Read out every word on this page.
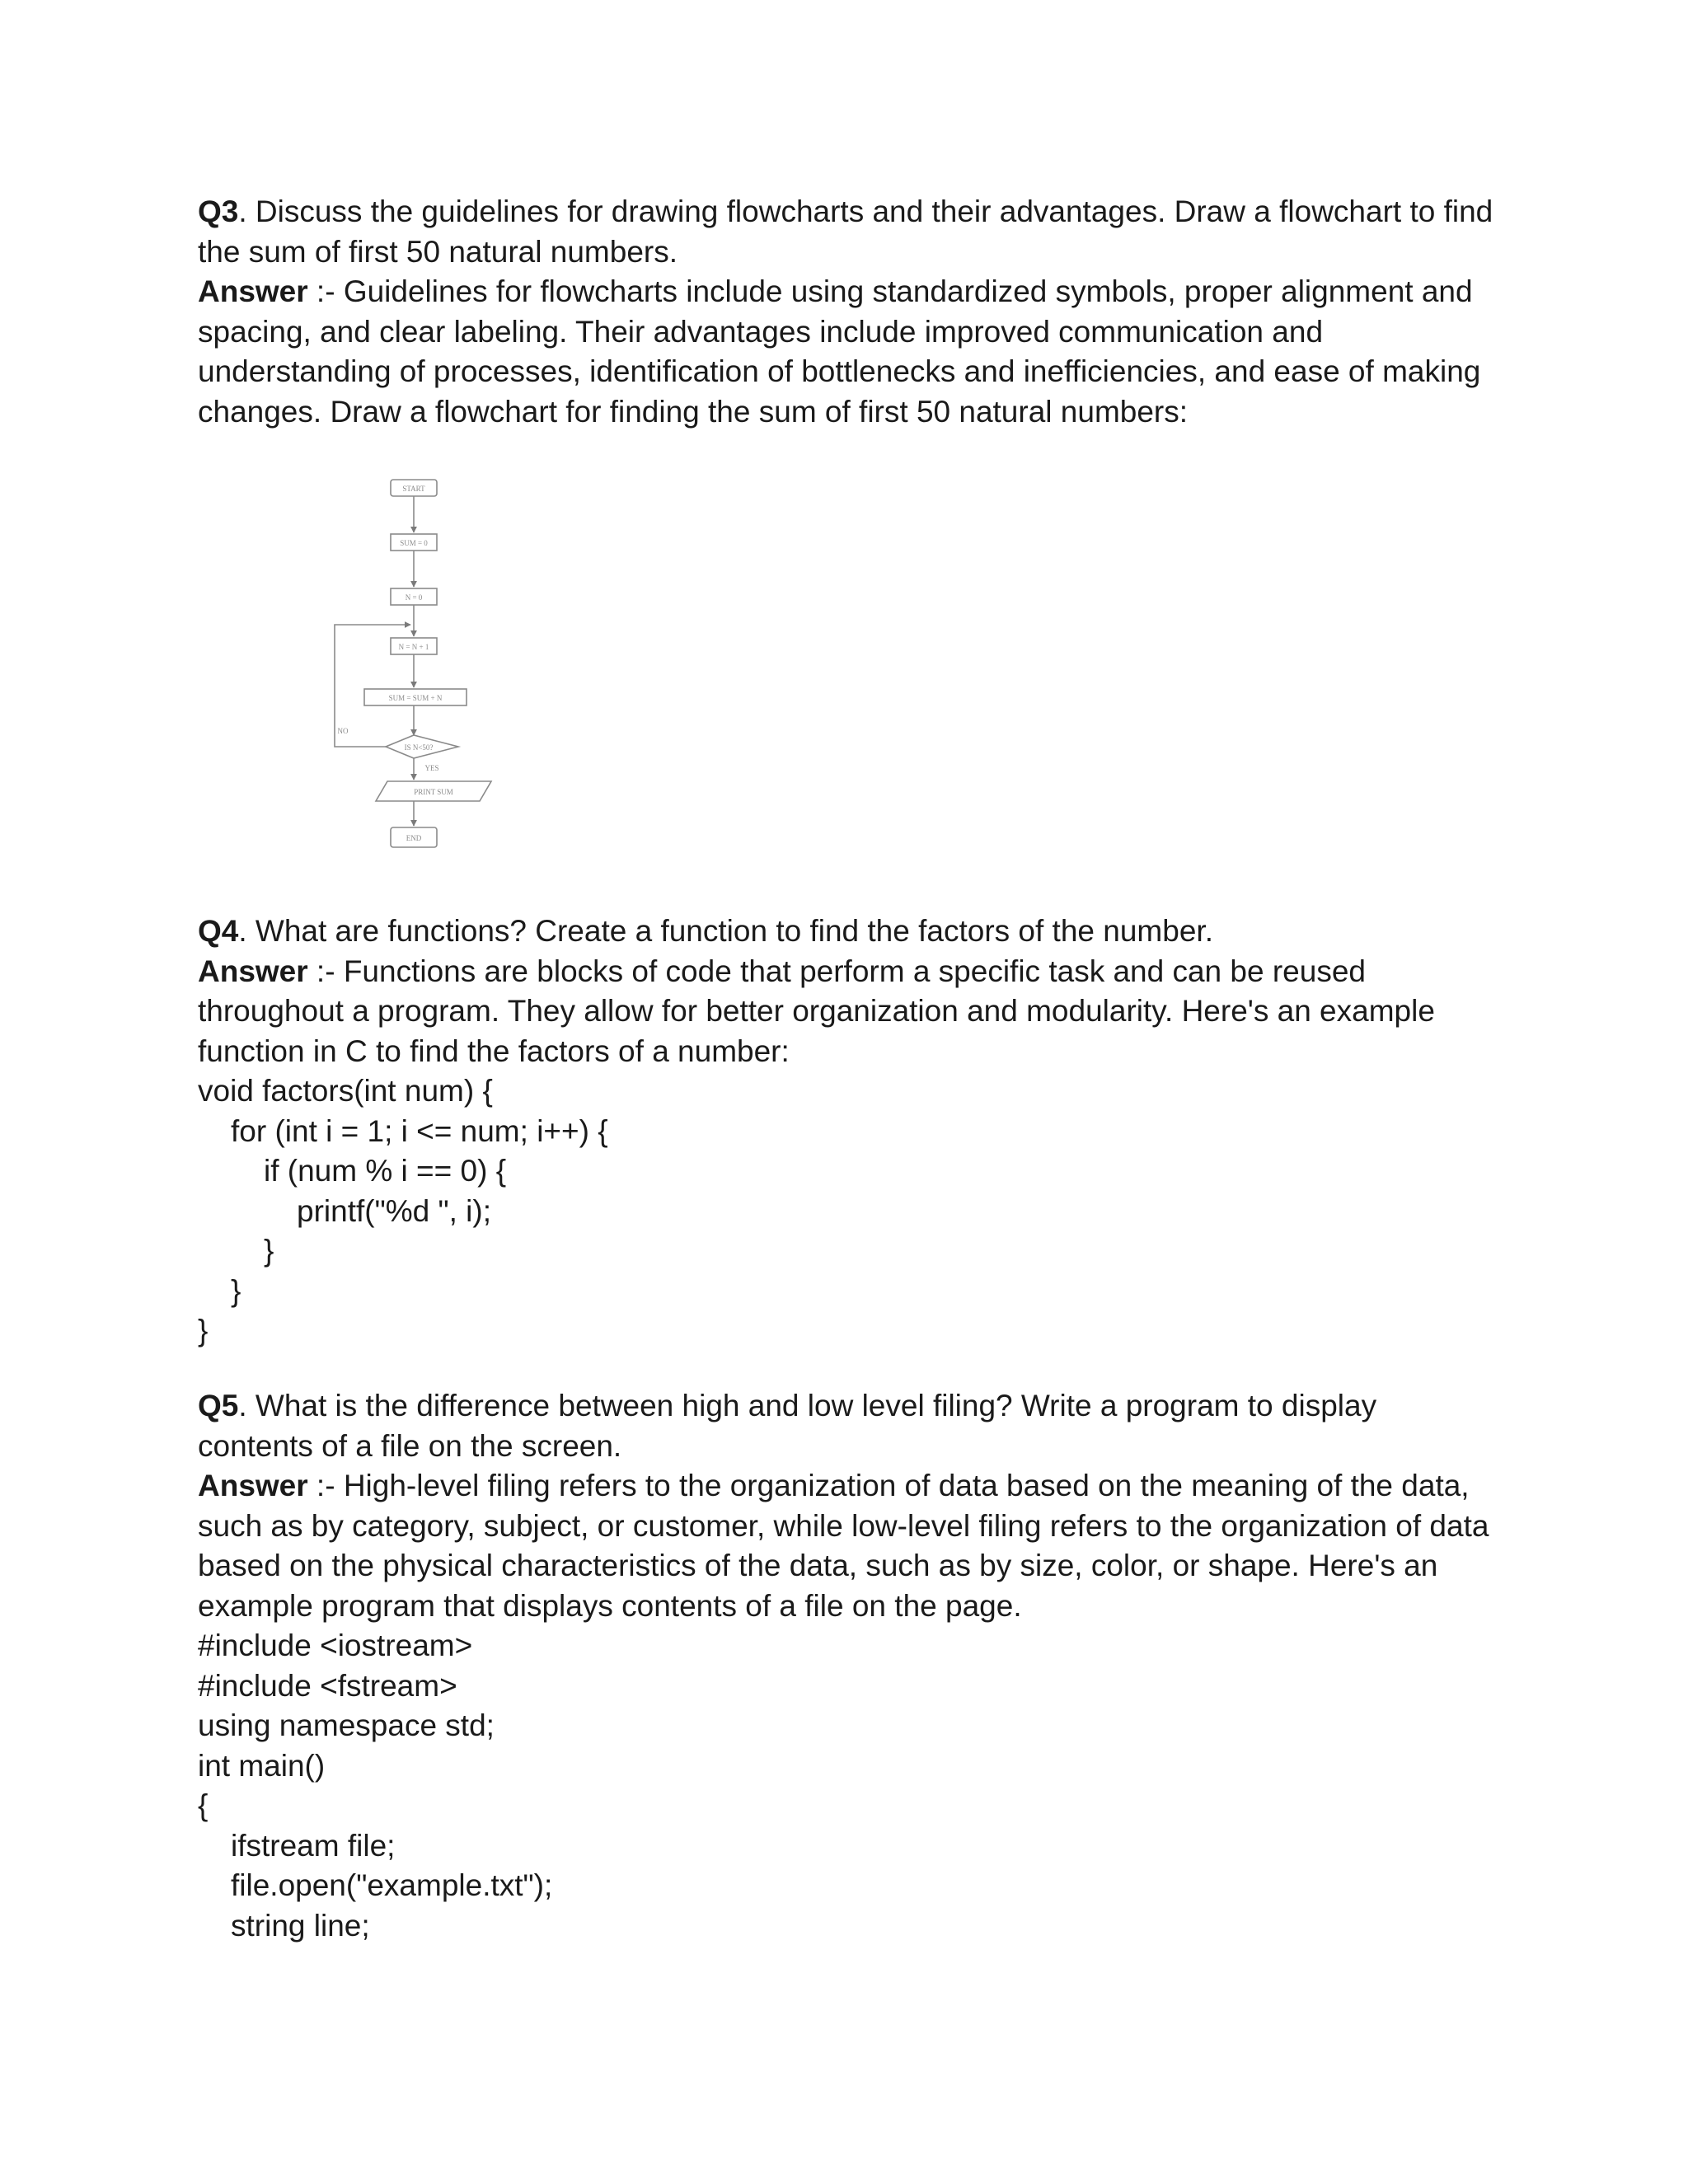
Q3. Discuss the guidelines for drawing flowcharts and their advantages. Draw a flowchart to find
the sum of first 50 natural numbers.
Answer :- Guidelines for flowcharts include using standardized symbols, proper alignment and
spacing, and clear labeling. Their advantages include improved communication and
understanding of processes, identification of bottlenecks and inefficiencies, and ease of making
changes. Draw a flowchart for finding the sum of first 50 natural numbers:
START
SUM = 0
N = 0
N = N + 1
SUM = SUM + N
IS N<50?
NO
YES
PRINT SUM
END
Q4. What are functions? Create a function to find the factors of the number.
Answer :- Functions are blocks of code that perform a specific task and can be reused
throughout a program. They allow for better organization and modularity. Here's an example
function in C to find the factors of a number:
void factors(int num) {
for (int i = 1; i <= num; i++) {
if (num % i == 0) {
printf("%d ", i);
}
}
}
Q5. What is the difference between high and low level filing? Write a program to display
contents of a file on the screen.
Answer :- High-level filing refers to the organization of data based on the meaning of the data,
such as by category, subject, or customer, while low-level filing refers to the organization of data
based on the physical characteristics of the data, such as by size, color, or shape. Here's an
example program that displays contents of a file on the page.
#include <iostream>
#include <fstream>
using namespace std;
int main()
{
ifstream file;
file.open("example.txt");
string line;
